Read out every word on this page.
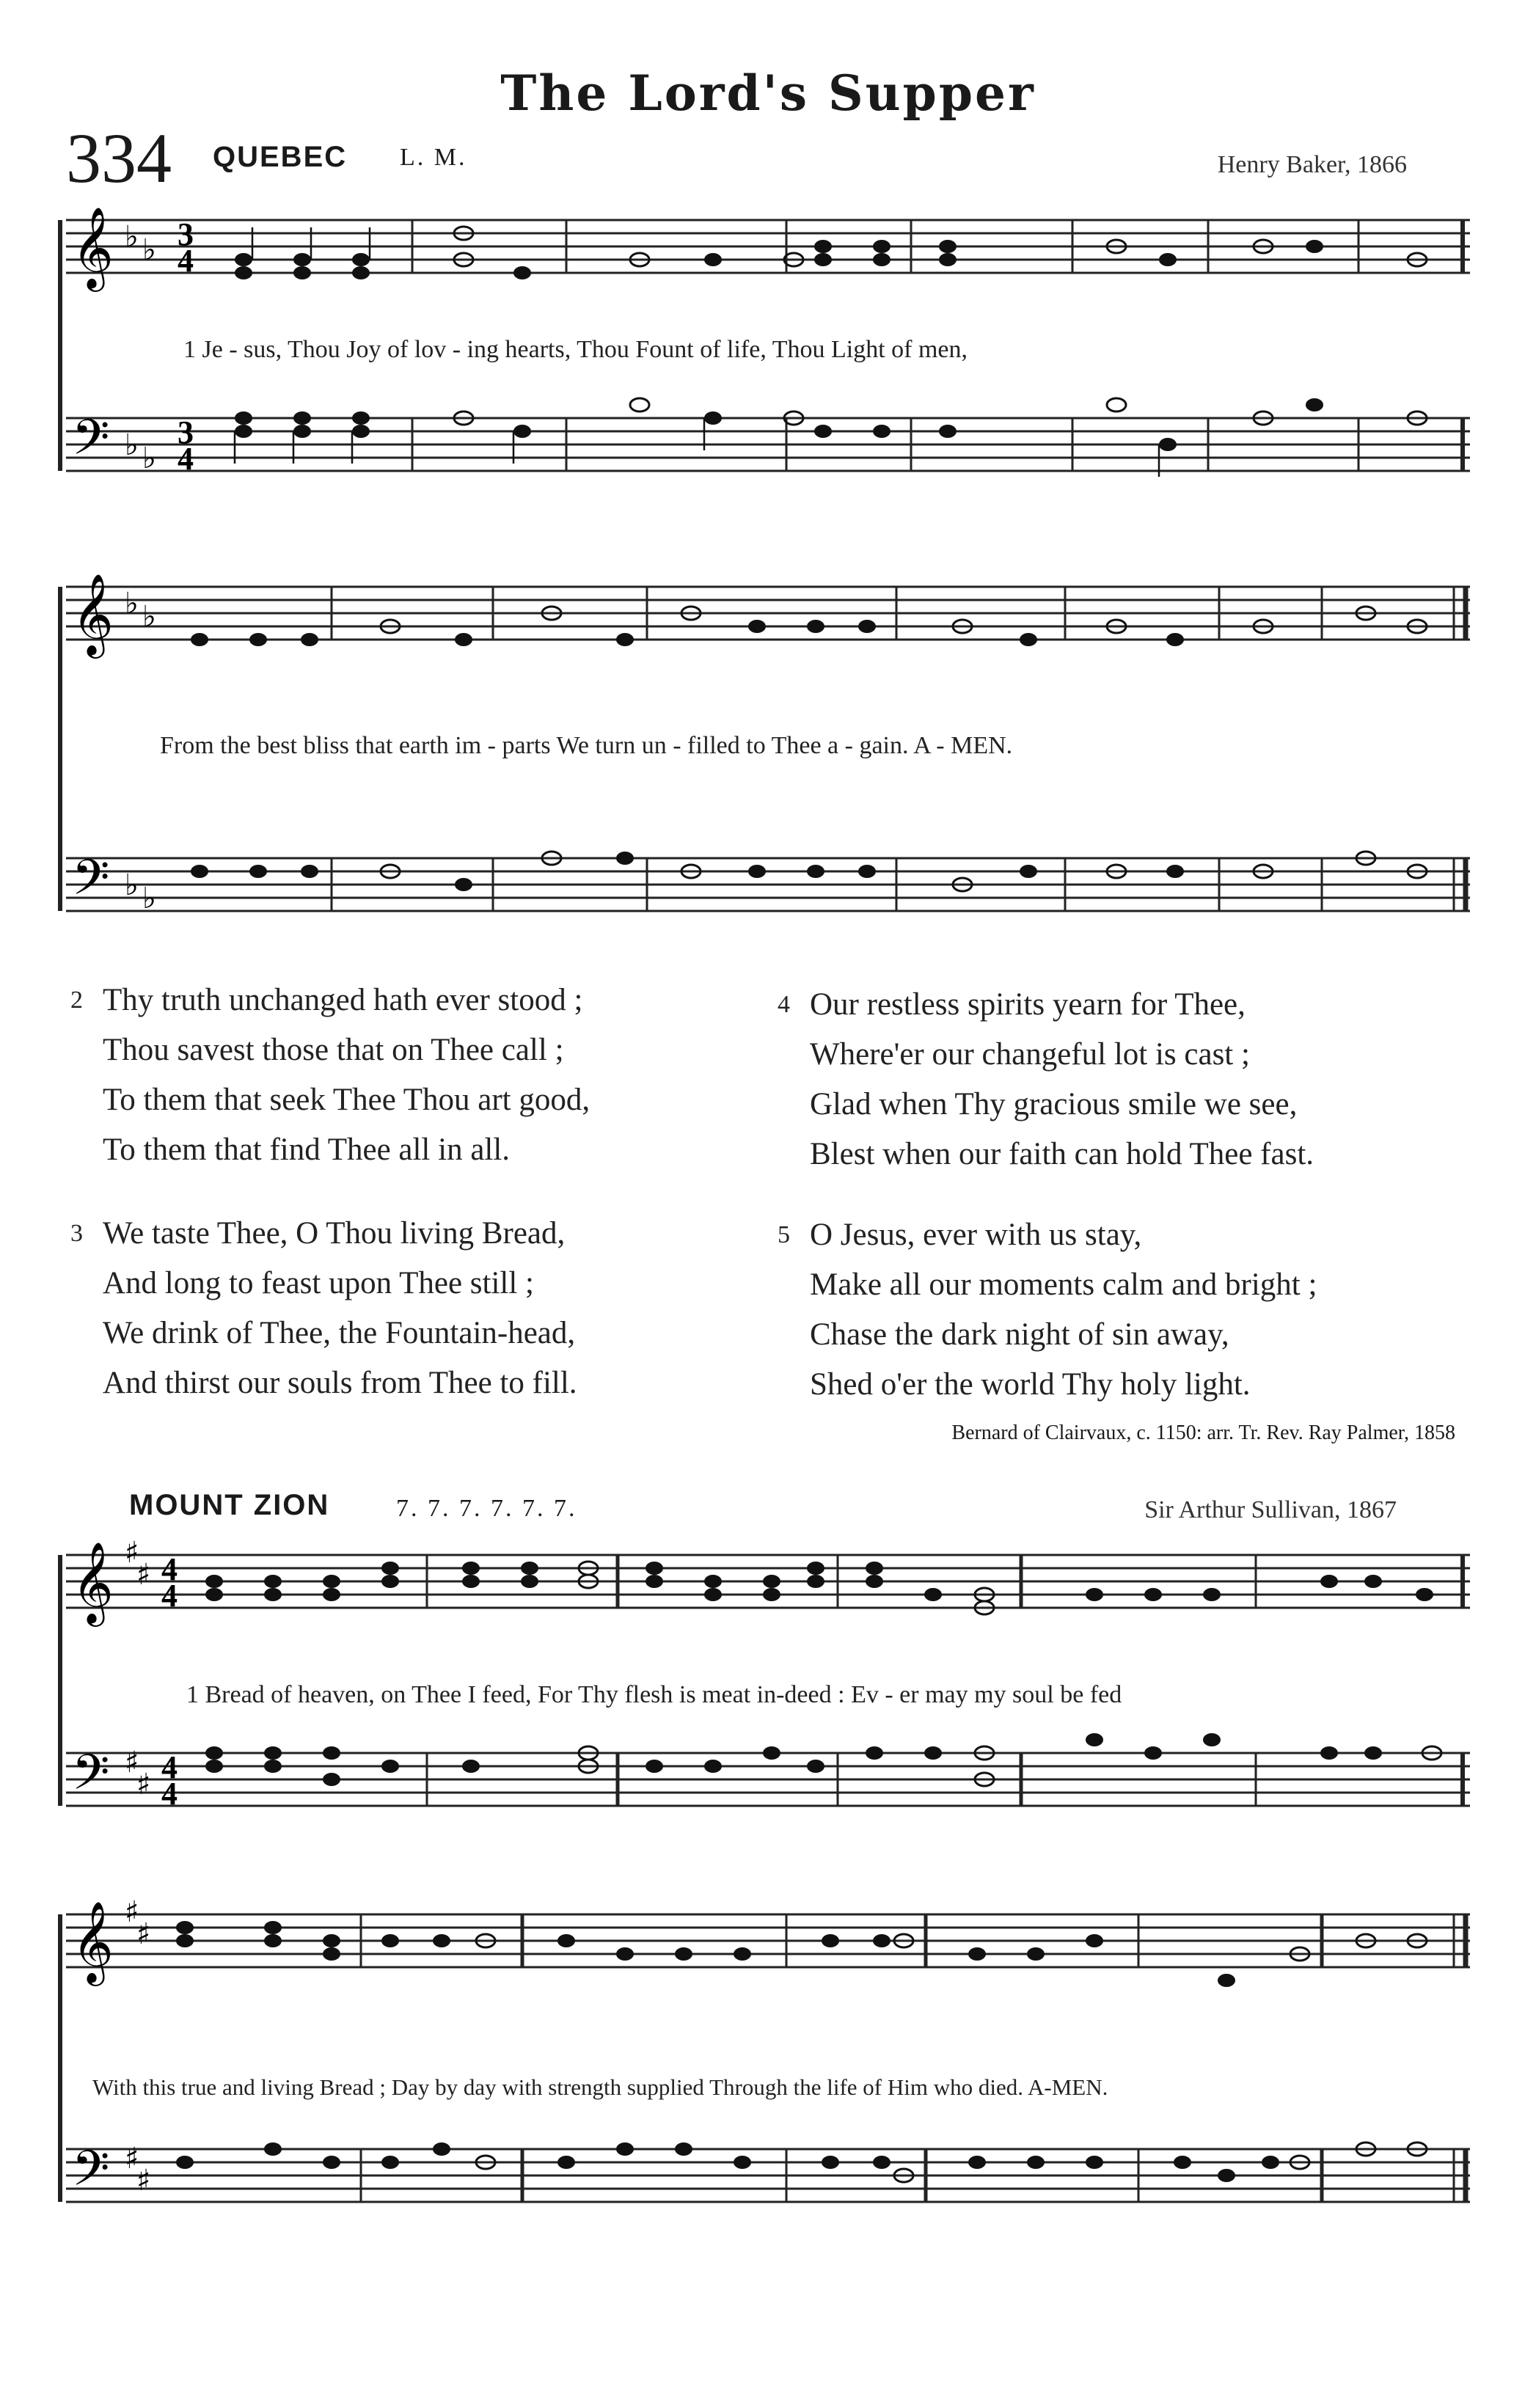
The Lord's Supper
334 QUEBEC L. M.	Henry Baker, 1866
𝄞
𝄢
♭ ♭
♭ ♭
3
4
3
4
1 Je - sus, Thou Joy of lov - ing hearts, Thou Fount of life, Thou Light of men,
𝄞
𝄢
♭ ♭
♭ ♭
From the best bliss that earth im - parts We turn un - filled to Thee a - gain. A - MEN.
2 Thy truth unchanged hath ever stood ;
Thou savest those that on Thee call ;
To them that seek Thee Thou art good,
To them that find Thee all in all.
3 We taste Thee, O Thou living Bread,
And long to feast upon Thee still ;
We drink of Thee, the Fountain-head,
And thirst our souls from Thee to fill.
4 Our restless spirits yearn for Thee,
Where'er our changeful lot is cast ;
Glad when Thy gracious smile we see,
Blest when our faith can hold Thee fast.
5 O Jesus, ever with us stay,
Make all our moments calm and bright ;
Chase the dark night of sin away,
Shed o'er the world Thy holy light.
Bernard of Clairvaux, c. 1150: arr. Tr. Rev. Ray Palmer, 1858
MOUNT ZION	7. 7. 7. 7. 7. 7.	Sir Arthur Sullivan, 1867
𝄞
𝄢
♯
♯
♯
♯
4
4
4
4
1 Bread of heaven, on Thee I feed, For Thy flesh is meat in-deed : Ev - er may my soul be fed
𝄞
𝄢
♯
♯
♯
♯
With this true and living Bread ; Day by day with strength supplied Through the life of Him who died. A-MEN.
